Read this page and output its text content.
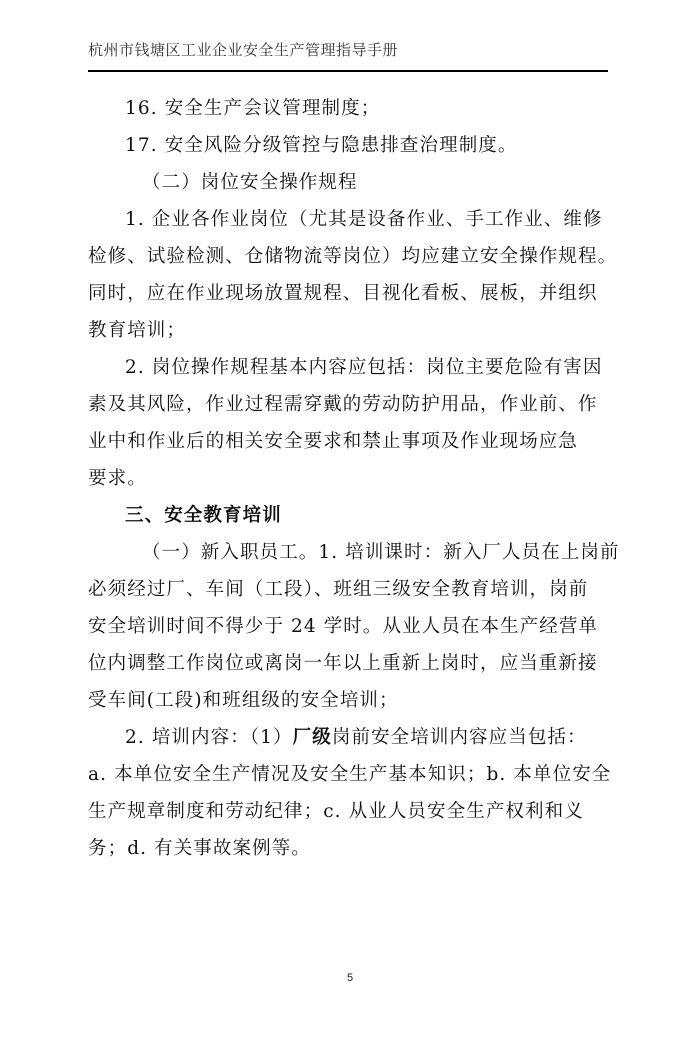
杭州市钱塘区工业企业安全生产管理指导手册
16. 安全生产会议管理制度；
17. 安全风险分级管控与隐患排查治理制度。
（二）岗位安全操作规程
1. 企业各作业岗位（尤其是设备作业、手工作业、维修
检修、试验检测、仓储物流等岗位）均应建立安全操作规程。
同时，应在作业现场放置规程、目视化看板、展板，并组织
教育培训；
2. 岗位操作规程基本内容应包括：岗位主要危险有害因
素及其风险，作业过程需穿戴的劳动防护用品，作业前、作
业中和作业后的相关安全要求和禁止事项及作业现场应急
要求。
三、安全教育培训
（一）新入职员工。1. 培训课时：新入厂人员在上岗前
必须经过厂、车间（工段）、班组三级安全教育培训，岗前
安全培训时间不得少于 24 学时。从业人员在本生产经营单
位内调整工作岗位或离岗一年以上重新上岗时，应当重新接
受车间(工段)和班组级的安全培训；
2. 培训内容：（1）厂级岗前安全培训内容应当包括：
a. 本单位安全生产情况及安全生产基本知识；b. 本单位安全
生产规章制度和劳动纪律；c. 从业人员安全生产权利和义
务；d. 有关事故案例等。
5
